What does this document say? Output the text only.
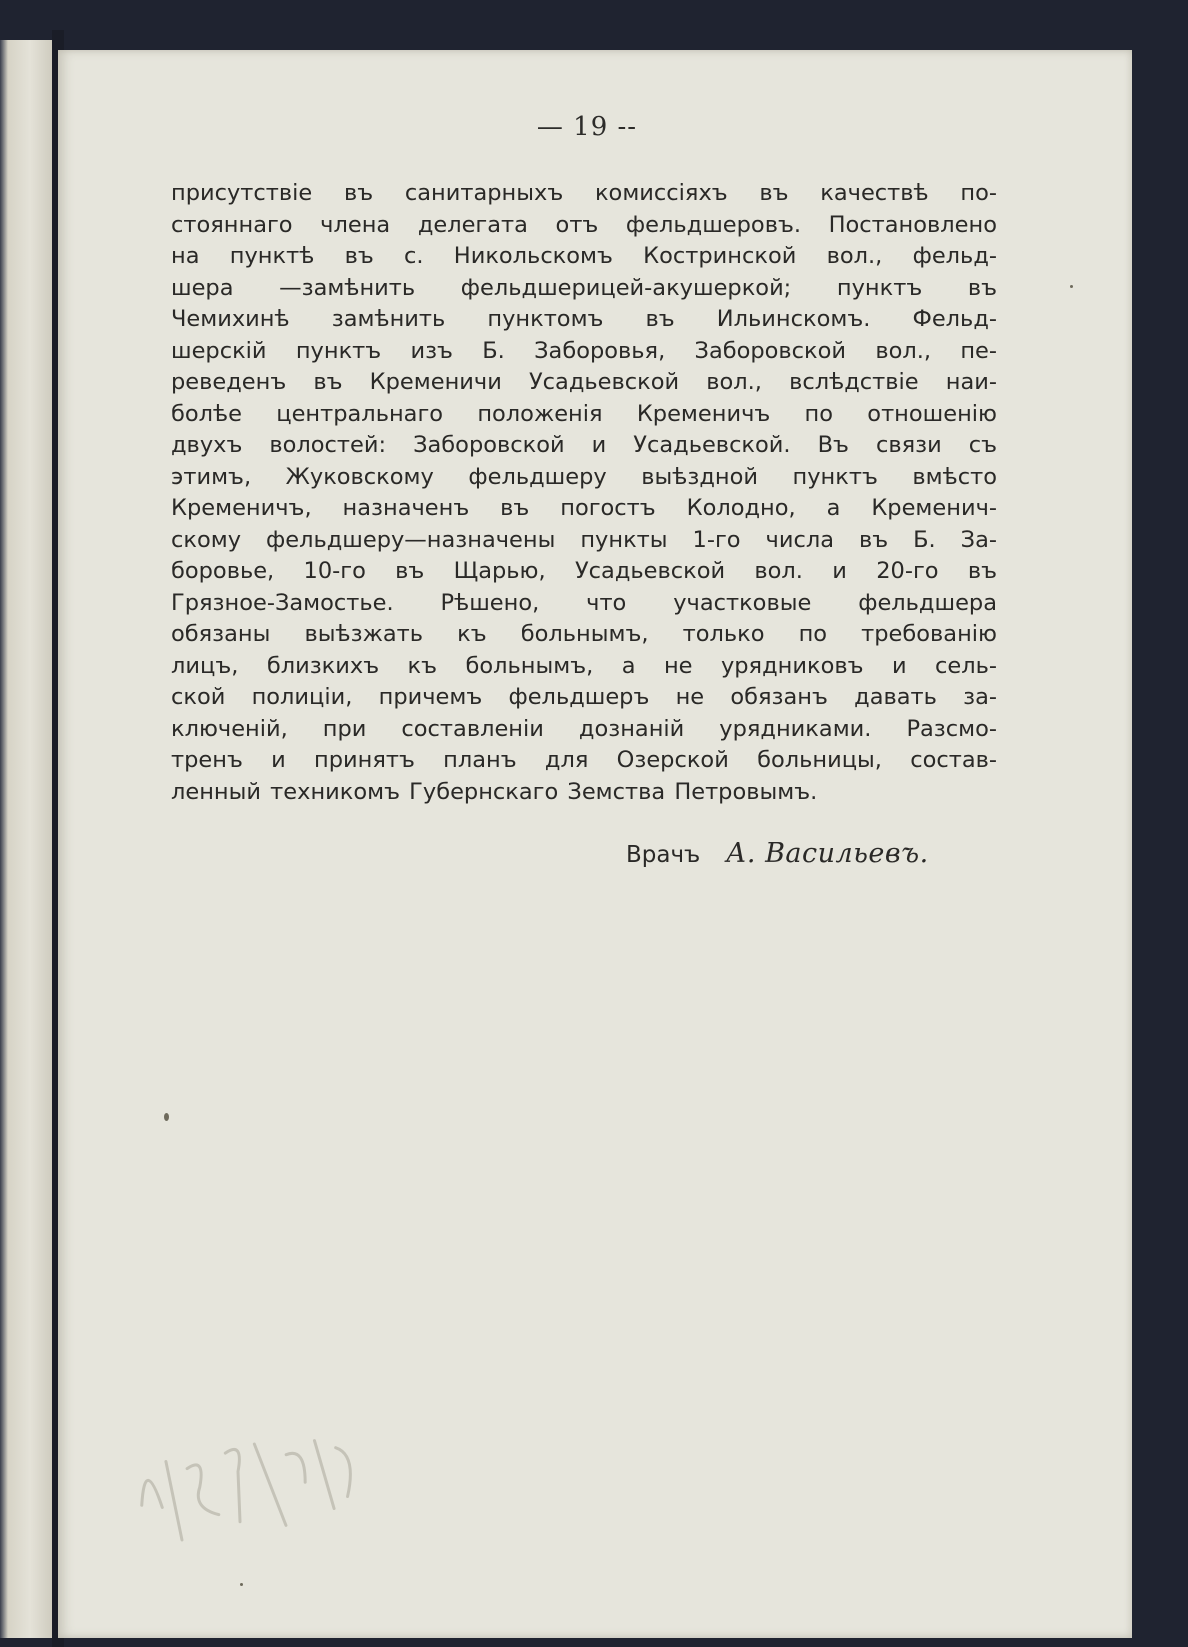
— 19 --
присутствіе въ санитарныхъ комиссіяхъ въ качествѣ по-
стояннаго члена делегата отъ фельдшеровъ. Постановлено
на пунктѣ въ с. Никольскомъ Костринской вол., фельд-
шера —замѣнить фельдшерицей-акушеркой; пунктъ въ
Чемихинѣ замѣнить пунктомъ въ Ильинскомъ. Фельд-
шерскій пунктъ изъ Б. Заборовья, Заборовской вол., пе-
реведенъ въ Кременичи Усадьевской вол., вслѣдствіе наи-
болѣе центральнаго положенія Кременичъ по отношенію
двухъ волостей: Заборовской и Усадьевской. Въ связи съ
этимъ, Жуковскому фельдшеру выѣздной пунктъ вмѣсто
Кременичъ, назначенъ въ погостъ Колодно, а Кременич-
скому фельдшеру—назначены пункты 1-го числа въ Б. За-
боровье, 10-го въ Щарью, Усадьевской вол. и 20-го въ
Грязное-Замостье. Рѣшено, что участковые фельдшера
обязаны выѣзжать къ больнымъ, только по требованію
лицъ, близкихъ къ больнымъ, а не урядниковъ и сель-
ской полиціи, причемъ фельдшеръ не обязанъ давать за-
ключеній, при составленіи дознаній урядниками. Разсмо-
тренъ и принятъ планъ для Озерской больницы, состав-
ленный техникомъ Губернскаго Земства Петровымъ.
Врачъ А. Васильевъ.
